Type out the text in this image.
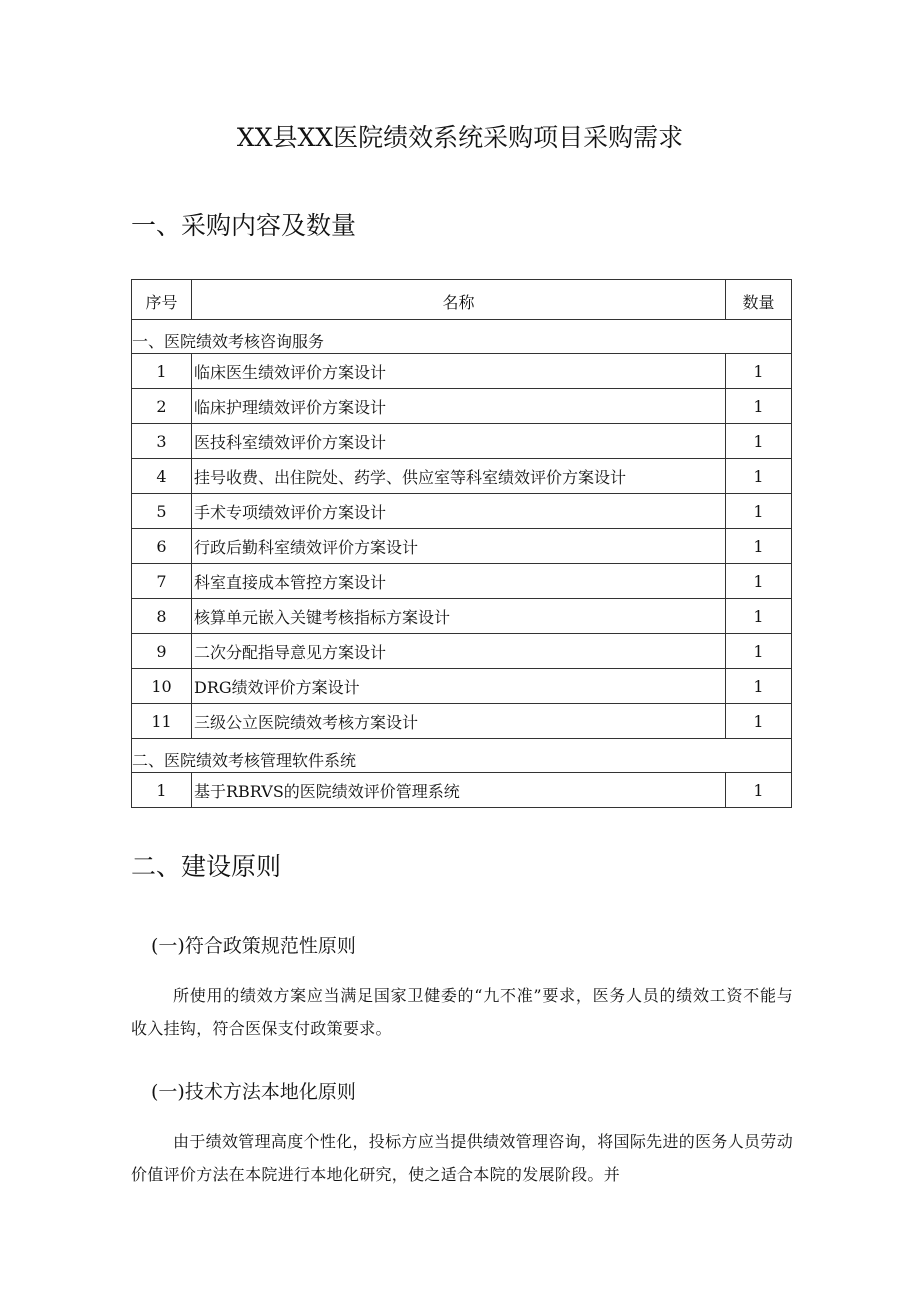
XX县XX医院绩效系统采购项目采购需求
一、采购内容及数量
序号	名称	数量
一、医院绩效考核咨询服务		
1	临床医生绩效评价方案设计	1
2	临床护理绩效评价方案设计	1
3	医技科室绩效评价方案设计	1
4	挂号收费、出住院处、药学、供应室等科室绩效评价方案设计	1
5	手术专项绩效评价方案设计	1
6	行政后勤科室绩效评价方案设计	1
7	科室直接成本管控方案设计	1
8	核算单元嵌入关键考核指标方案设计	1
9	二次分配指导意见方案设计	1
10	DRG绩效评价方案设计	1
11	三级公立医院绩效考核方案设计	1
二、医院绩效考核管理软件系统		
1	基于RBRVS的医院绩效评价管理系统	1
二、建设原则
(一)符合政策规范性原则
所使用的绩效方案应当满足国家卫健委的“九不准”要求，医务人员的绩效工资不能与收入挂钩，符合医保支付政策要求。
(一)技术方法本地化原则
由于绩效管理高度个性化，投标方应当提供绩效管理咨询，将国际先进的医务人员劳动价值评价方法在本院进行本地化研究，使之适合本院的发展阶段。并
